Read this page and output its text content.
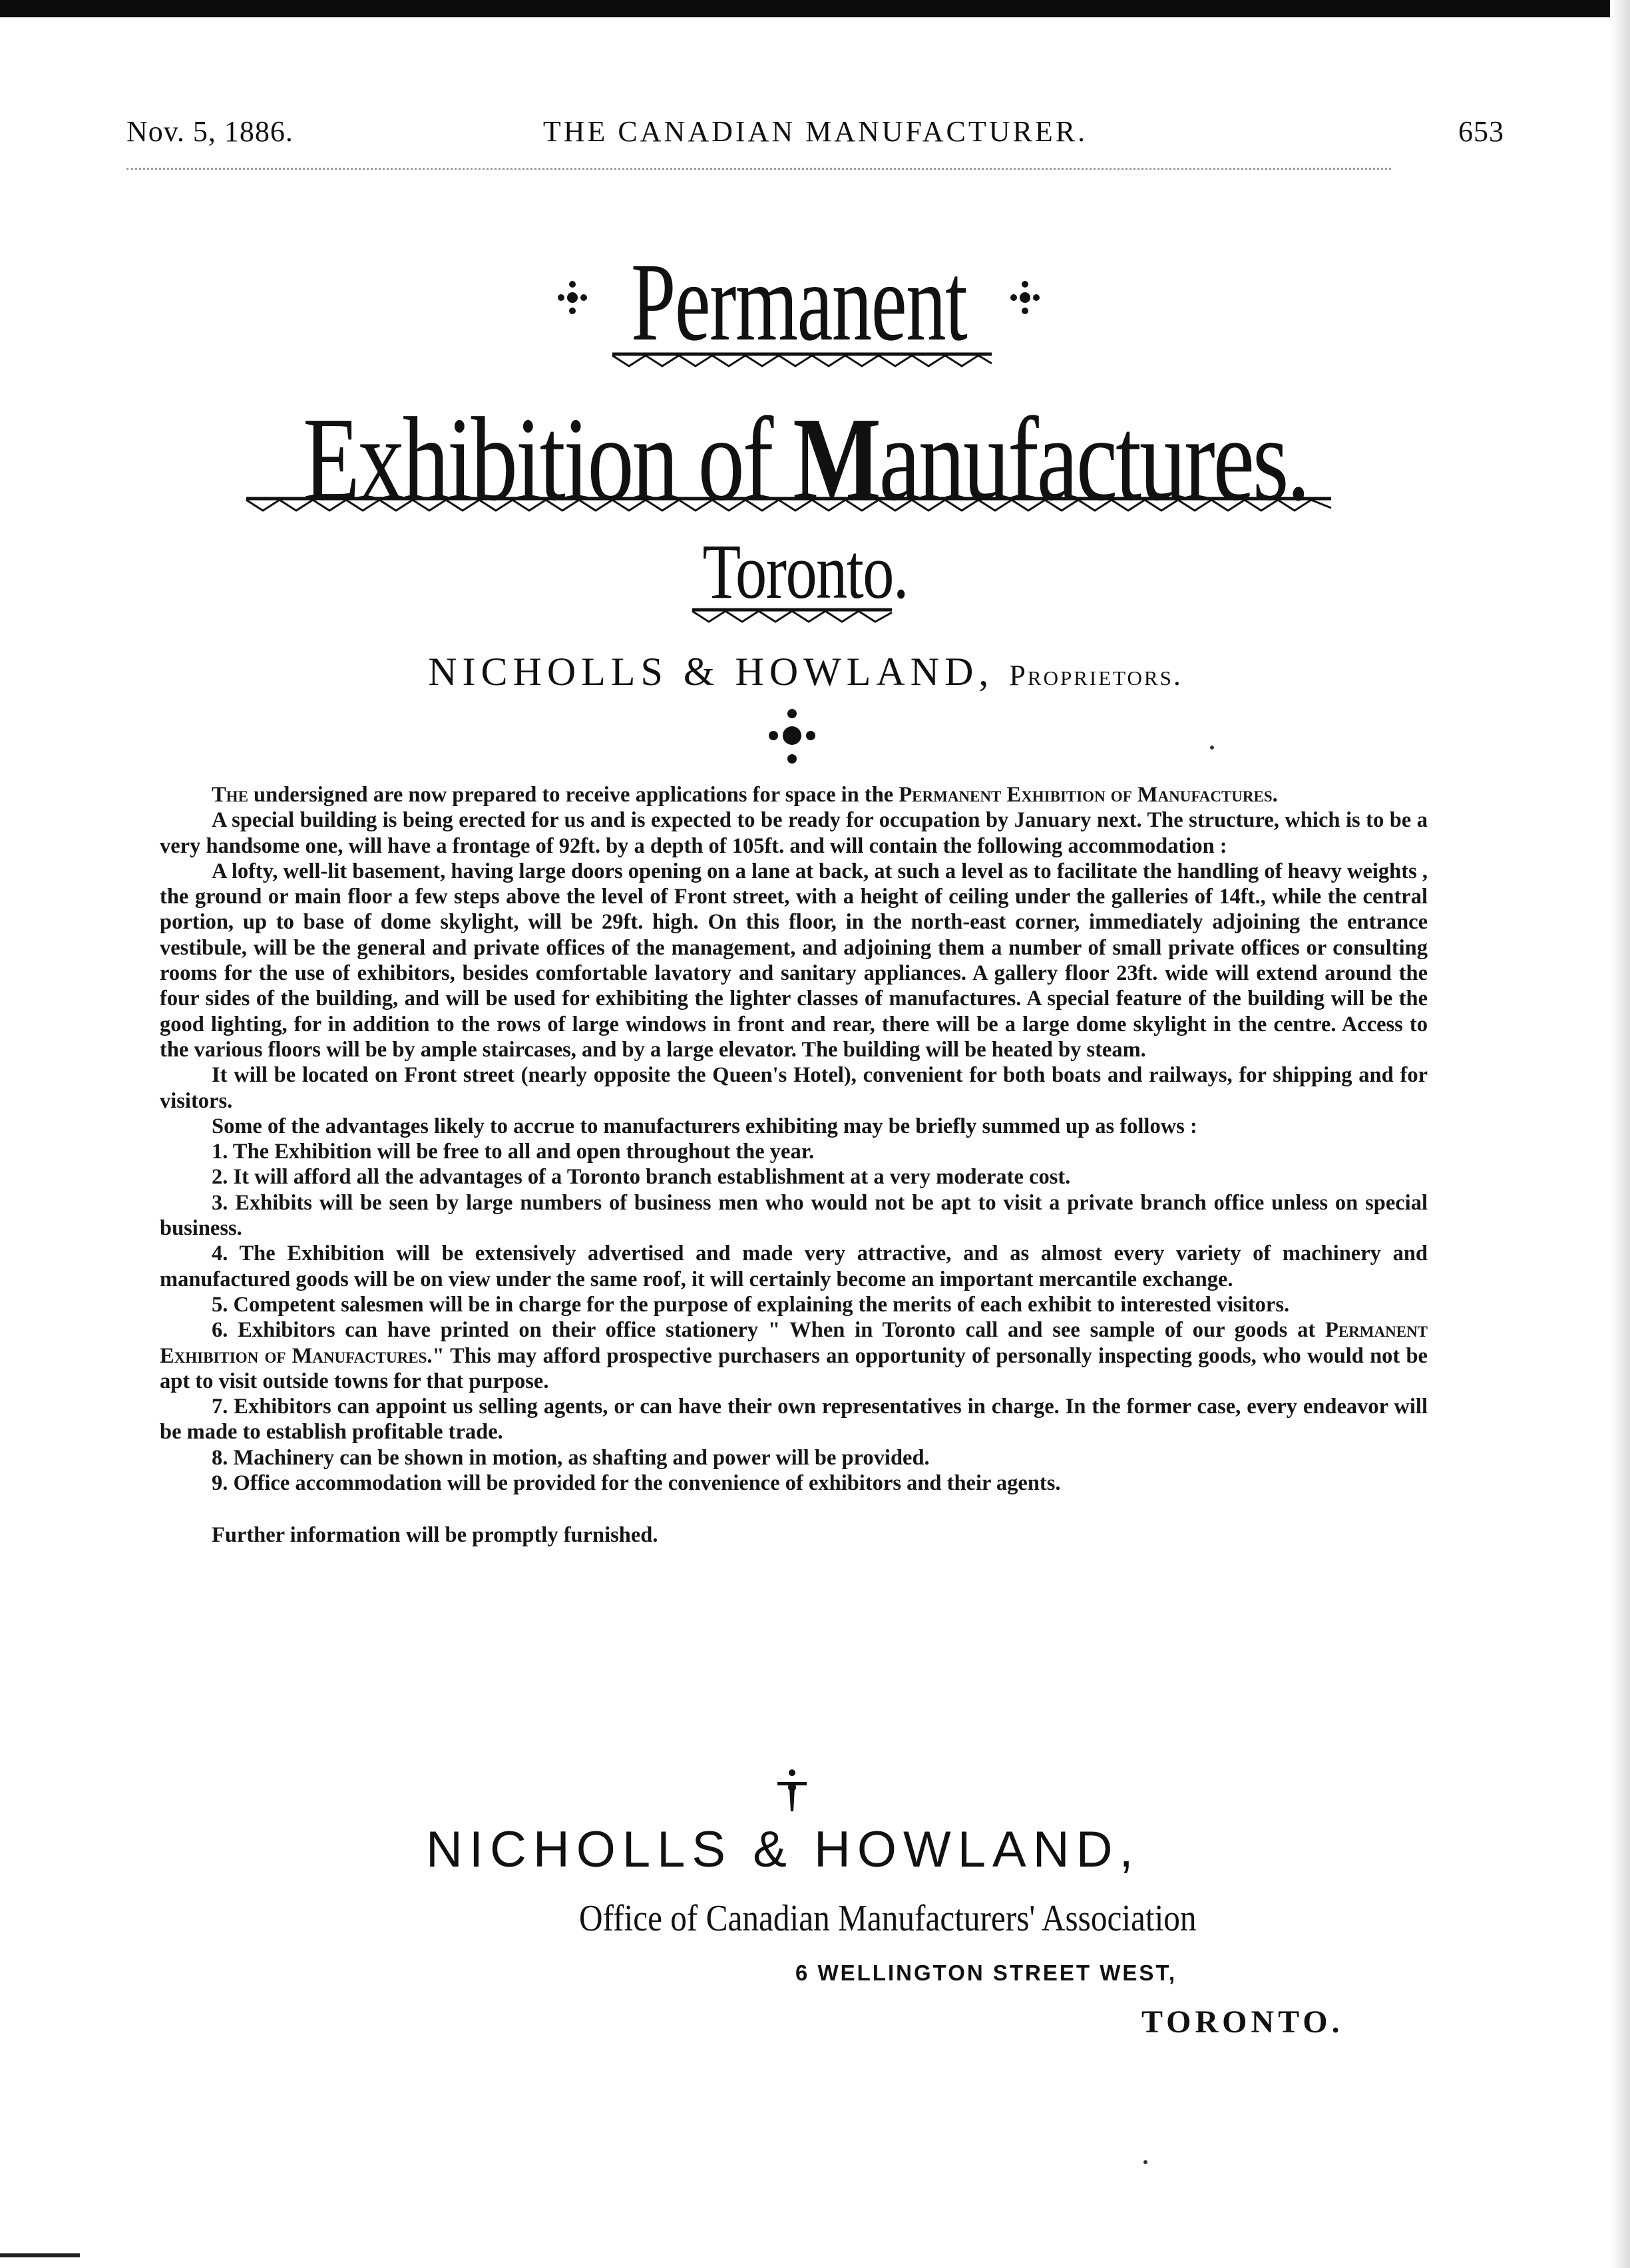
Nov. 5, 1886.	THE CANADIAN MANUFACTURER.	653
Permanent
Exhibition of Manufactures.
Toronto.
NICHOLLS & HOWLAND, Proprietors.

The undersigned are now prepared to receive applications for space in the Permanent Exhibition of Manufactures.

A special building is being erected for us and is expected to be ready for occupation by January next. The structure, which is to be a very handsome one, will have a frontage of 92ft. by a depth of 105ft. and will contain the following accommodation :

A lofty, well-lit basement, having large doors opening on a lane at back, at such a level as to facilitate the handling of heavy weights , the ground or main floor a few steps above the level of Front street, with a height of ceiling under the galleries of 14ft., while the central portion, up to base of dome skylight, will be 29ft. high. On this floor, in the north-east corner, immediately adjoining the entrance vestibule, will be the general and private offices of the management, and adjoining them a number of small private offices or consulting rooms for the use of exhibitors, besides comfortable lavatory and sanitary appliances. A gallery floor 23ft. wide will extend around the four sides of the building, and will be used for exhibiting the lighter classes of manufactures. A special feature of the building will be the good lighting, for in addition to the rows of large windows in front and rear, there will be a large dome skylight in the centre. Access to the various floors will be by ample staircases, and by a large elevator. The building will be heated by steam.

It will be located on Front street (nearly opposite the Queen's Hotel), convenient for both boats and railways, for shipping and for visitors.

Some of the advantages likely to accrue to manufacturers exhibiting may be briefly summed up as follows :

1. The Exhibition will be free to all and open throughout the year.

2. It will afford all the advantages of a Toronto branch establishment at a very moderate cost.

3. Exhibits will be seen by large numbers of business men who would not be apt to visit a private branch office unless on special business.

4. The Exhibition will be extensively advertised and made very attractive, and as almost every variety of machinery and manufactured goods will be on view under the same roof, it will certainly become an important mercantile exchange.

5. Competent salesmen will be in charge for the purpose of explaining the merits of each exhibit to interested visitors.

6. Exhibitors can have printed on their office stationery " When in Toronto call and see sample of our goods at Permanent Exhibition of Manufactures." This may afford prospective purchasers an opportunity of personally inspecting goods, who would not be apt to visit outside towns for that purpose.

7. Exhibitors can appoint us selling agents, or can have their own representatives in charge. In the former case, every endeavor will be made to establish profitable trade.

8. Machinery can be shown in motion, as shafting and power will be provided.

9. Office accommodation will be provided for the convenience of exhibitors and their agents.

Further information will be promptly furnished.

NICHOLLS & HOWLAND,
Office of Canadian Manufacturers' Association
6 WELLINGTON STREET WEST,
TORONTO.
